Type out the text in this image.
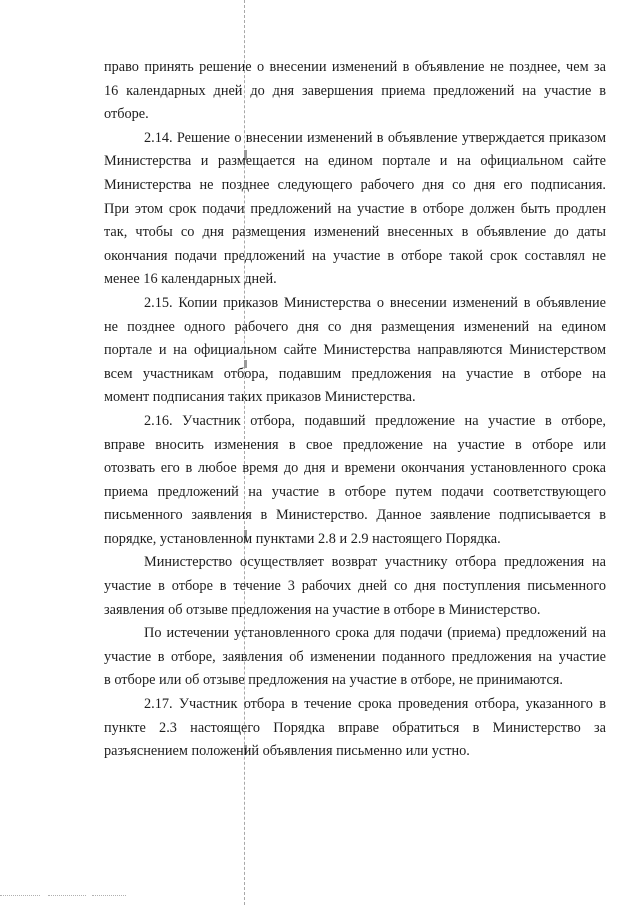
право принять решение о внесении изменений в объявление не позднее, чем за

16 календарных дней до дня завершения приема предложений на участие в

отборе.

2.14. Решение о внесении изменений в объявление утверждается приказом

Министерства и размещается на едином портале и на официальном сайте

Министерства не позднее следующего рабочего дня со дня его подписания.

При этом срок подачи предложений на участие в отборе должен быть продлен

так, чтобы со дня размещения изменений внесенных в объявление до даты

окончания подачи предложений на участие в отборе такой срок составлял не

менее 16 календарных дней.

2.15. Копии приказов Министерства о внесении изменений в объявление

не позднее одного рабочего дня со дня размещения изменений на едином

портале и на официальном сайте Министерства направляются Министерством

всем участникам отбора, подавшим предложения на участие в отборе на

момент подписания таких приказов Министерства.

2.16. Участник отбора, подавший предложение на участие в отборе,

вправе вносить изменения в свое предложение на участие в отборе или

отозвать его в любое время до дня и времени окончания установленного срока

приема предложений на участие в отборе путем подачи соответствующего

письменного заявления в Министерство. Данное заявление подписывается в

порядке, установленном пунктами 2.8 и 2.9 настоящего Порядка.

Министерство осуществляет возврат участнику отбора предложения на

участие в отборе в течение 3 рабочих дней со дня поступления письменного

заявления об отзыве предложения на участие в отборе в Министерство.

По истечении установленного срока для подачи (приема) предложений на

участие в отборе, заявления об изменении поданного предложения на участие

в отборе или об отзыве предложения на участие в отборе, не принимаются.

2.17. Участник отбора в течение срока проведения отбора, указанного в

пункте 2.3 настоящего Порядка вправе обратиться в Министерство за

разъяснением положений объявления письменно или устно.
